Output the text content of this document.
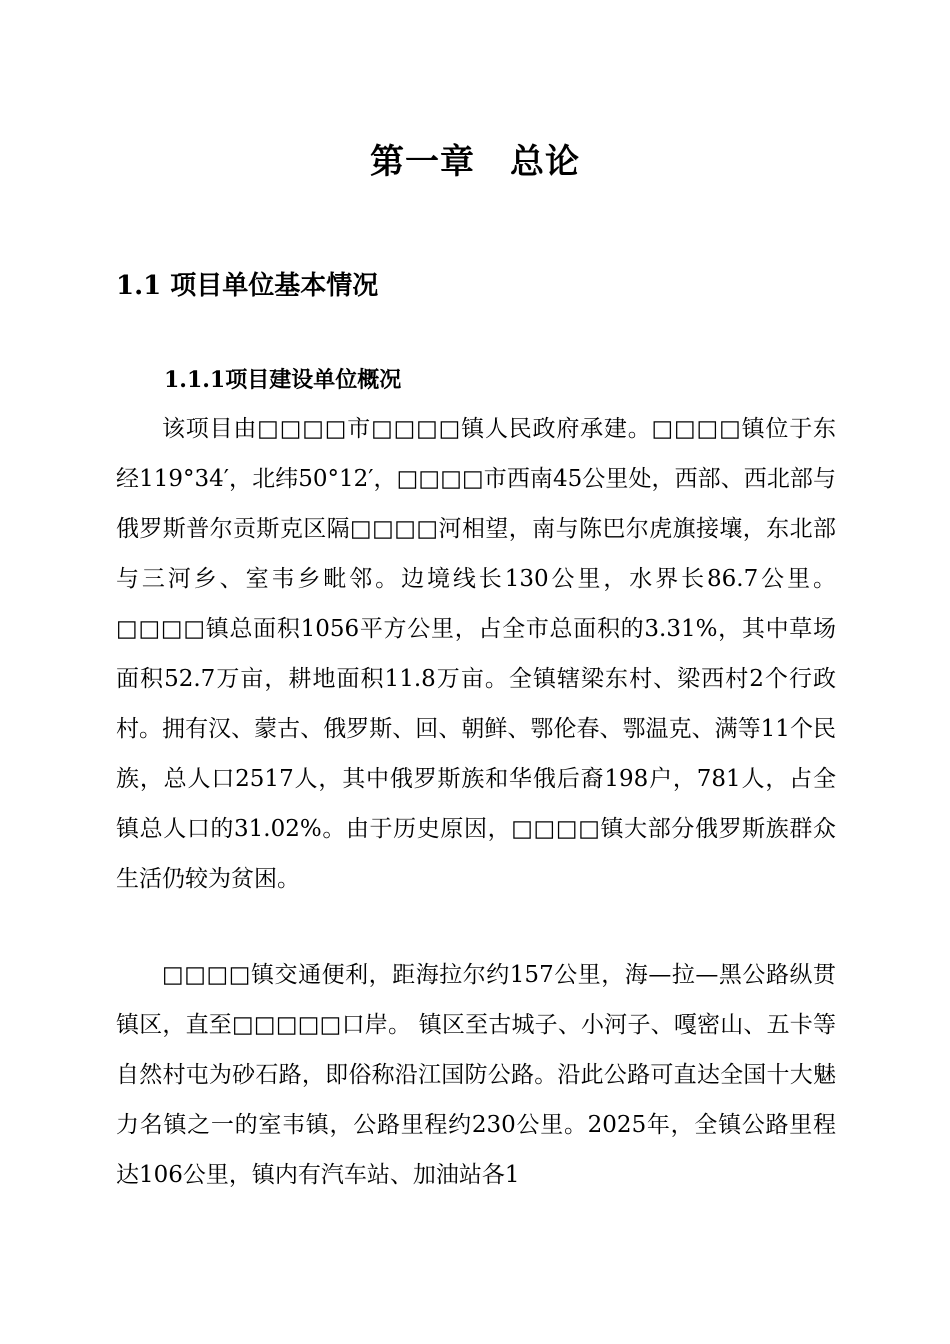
第一章　总论
1.1 项目单位基本情况
1.1.1项目建设单位概况

该项目由□□□□市□□□□镇人民政府承建。□□□□镇位于东经119°34′，北纬50°12′，□□□□市西南45公里处，西部、西北部与俄罗斯普尔贡斯克区隔□□□□河相望，南与陈巴尔虎旗接壤，东北部与三河乡、室韦乡毗邻。边境线长130公里，水界长86.7公里。□□□□镇总面积1056平方公里，占全市总面积的3.31%，其中草场面积52.7万亩，耕地面积11.8万亩。全镇辖梁东村、梁西村2个行政村。拥有汉、蒙古、俄罗斯、回、朝鲜、鄂伦春、鄂温克、满等11个民族，总人口2517人，其中俄罗斯族和华俄后裔198户，781人，占全镇总人口的31.02%。由于历史原因，□□□□镇大部分俄罗斯族群众生活仍较为贫困。

□□□□镇交通便利，距海拉尔约157公里，海—拉—黑公路纵贯镇区，直至□□□□□口岸。 镇区至古城子、小河子、嘎密山、五卡等自然村屯为砂石路，即俗称沿江国防公路。沿此公路可直达全国十大魅力名镇之一的室韦镇，公路里程约230公里。2025年，全镇公路里程达106公里，镇内有汽车站、加油站各1
